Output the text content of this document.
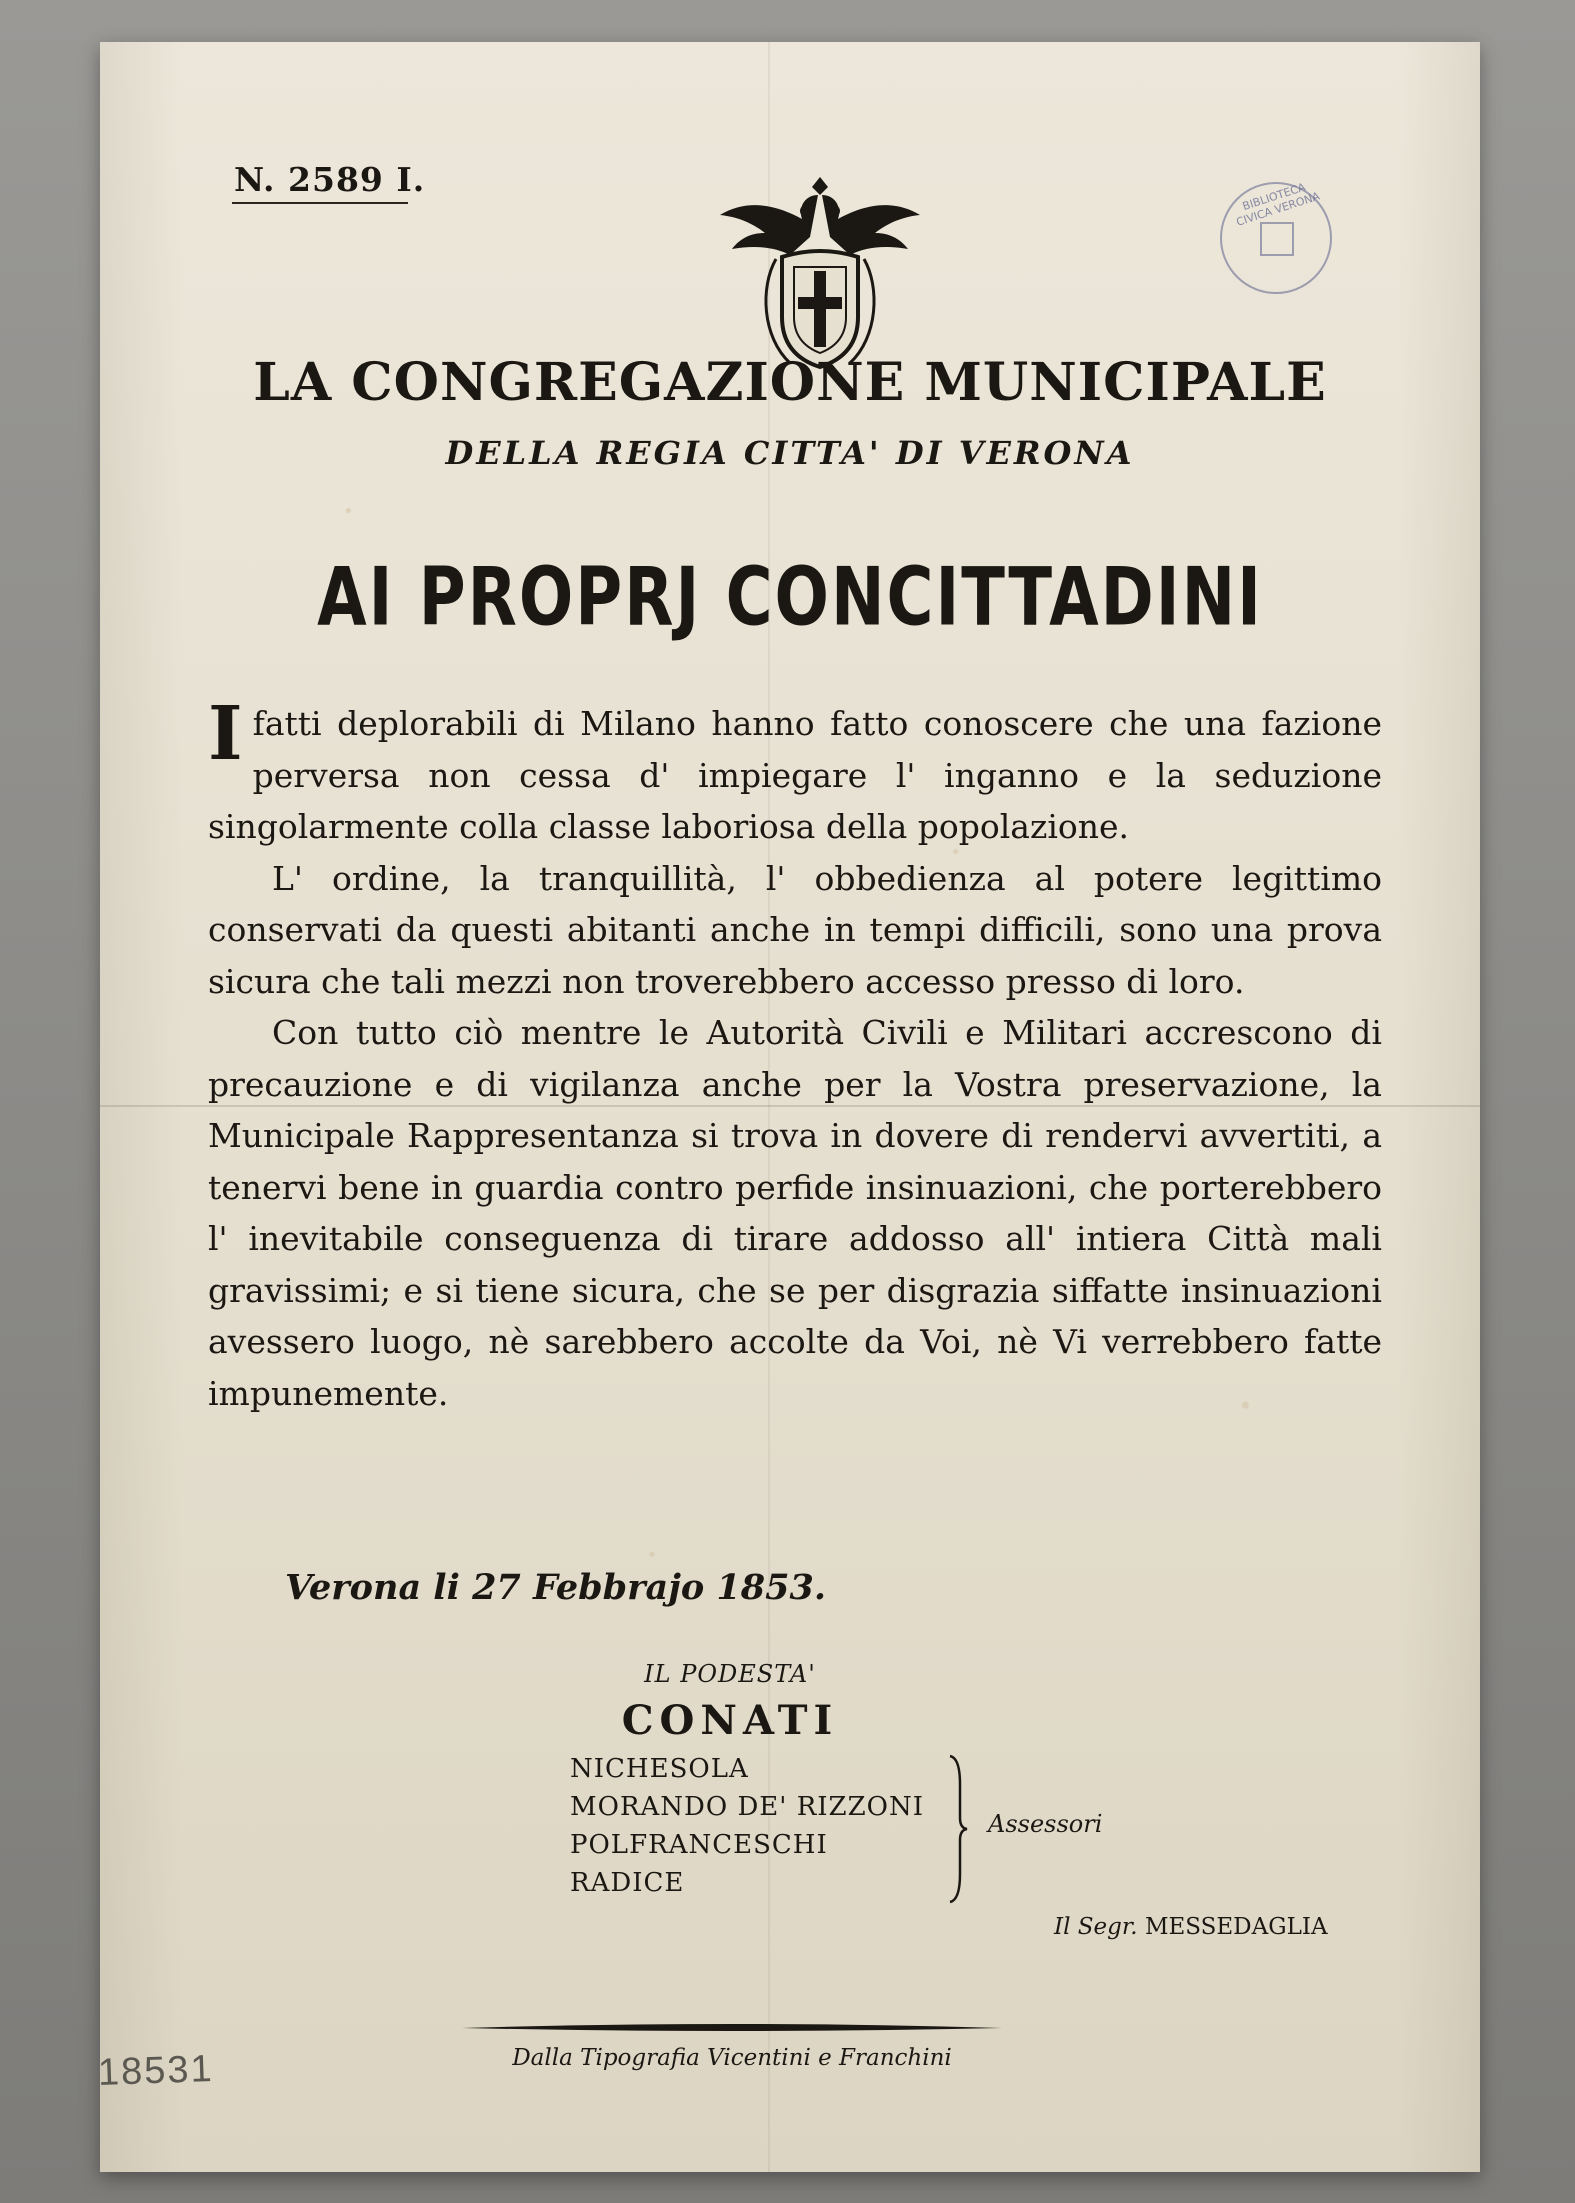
N. 2589 I.	BIBLIOTECA CIVICA VERONA
LA CONGREGAZIONE MUNICIPALE
DELLA REGIA CITTA' DI VERONA
AI PROPRJ CONCITTADINI

I fatti deplorabili di Milano hanno fatto conoscere che una fazione perversa non cessa d' impiegare l' inganno e la seduzione singolarmente colla classe laboriosa della popolazione.

L' ordine, la tranquillità, l' obbedienza al potere legittimo conservati da questi abitanti anche in tempi difficili, sono una prova sicura che tali mezzi non troverebbero accesso presso di loro.

Con tutto ciò mentre le Autorità Civili e Militari accrescono di precauzione e di vigilanza anche per la Vostra preservazione, la Municipale Rappresentanza si trova in dovere di rendervi avvertiti, a tenervi bene in guardia contro perfide insinuazioni, che porterebbero l' inevitabile conseguenza di tirare addosso all' intiera Città mali gravissimi; e si tiene sicura, che se per disgrazia siffatte insinuazioni avessero luogo, nè sarebbero accolte da Voi, nè Vi verrebbero fatte impunemente.

Verona li 27 Febbrajo 1853.
IL PODESTA'
CONATI
NICHESOLA
MORANDO DE' RIZZONI
POLFRANCESCHI
RADICE
Assessori
Il Segr. MESSEDAGLIA
Dalla Tipografia Vicentini e Franchini
18531
